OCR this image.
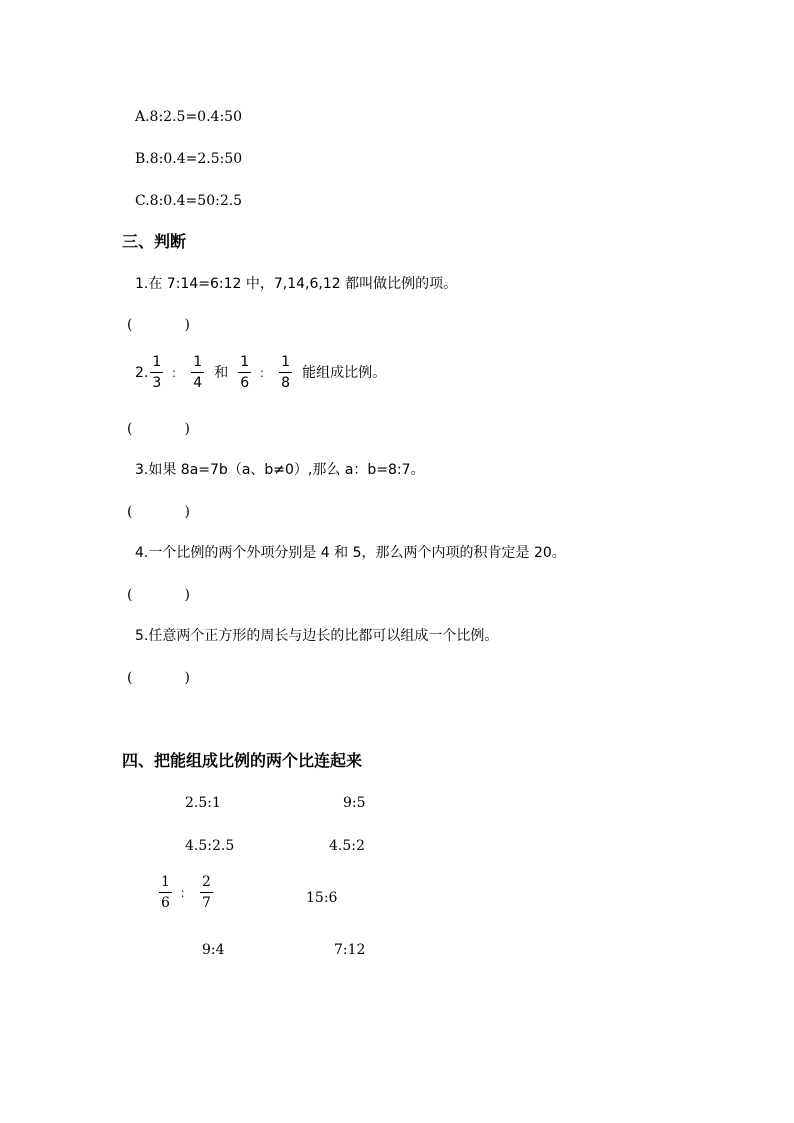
A.8:2.5=0.4:50
B.8:0.4=2.5:50
C.8:0.4=50:2.5
三、判断
1.在 7:14=6:12 中，7,14,6,12 都叫做比例的项。
(	)
2. $\frac{1}{3}$ ： $\frac{1}{4}$ 和 $\frac{1}{6}$ ： $\frac{1}{8}$ 能组成比例。
(	)
3.如果 8a=7b（a、b≠0）,那么 a：b=8:7。
(	)
4.一个比例的两个外项分别是 4 和 5，那么两个内项的积肯定是 20。
(	)
5.任意两个正方形的周长与边长的比都可以组成一个比例。
(	)
四、把能组成比例的两个比连起来
2.5:1	9:5
4.5:2.5	4.5:2
$\frac{1}{6}$ ： $\frac{2}{7}$	15:6
9:4	7:12
